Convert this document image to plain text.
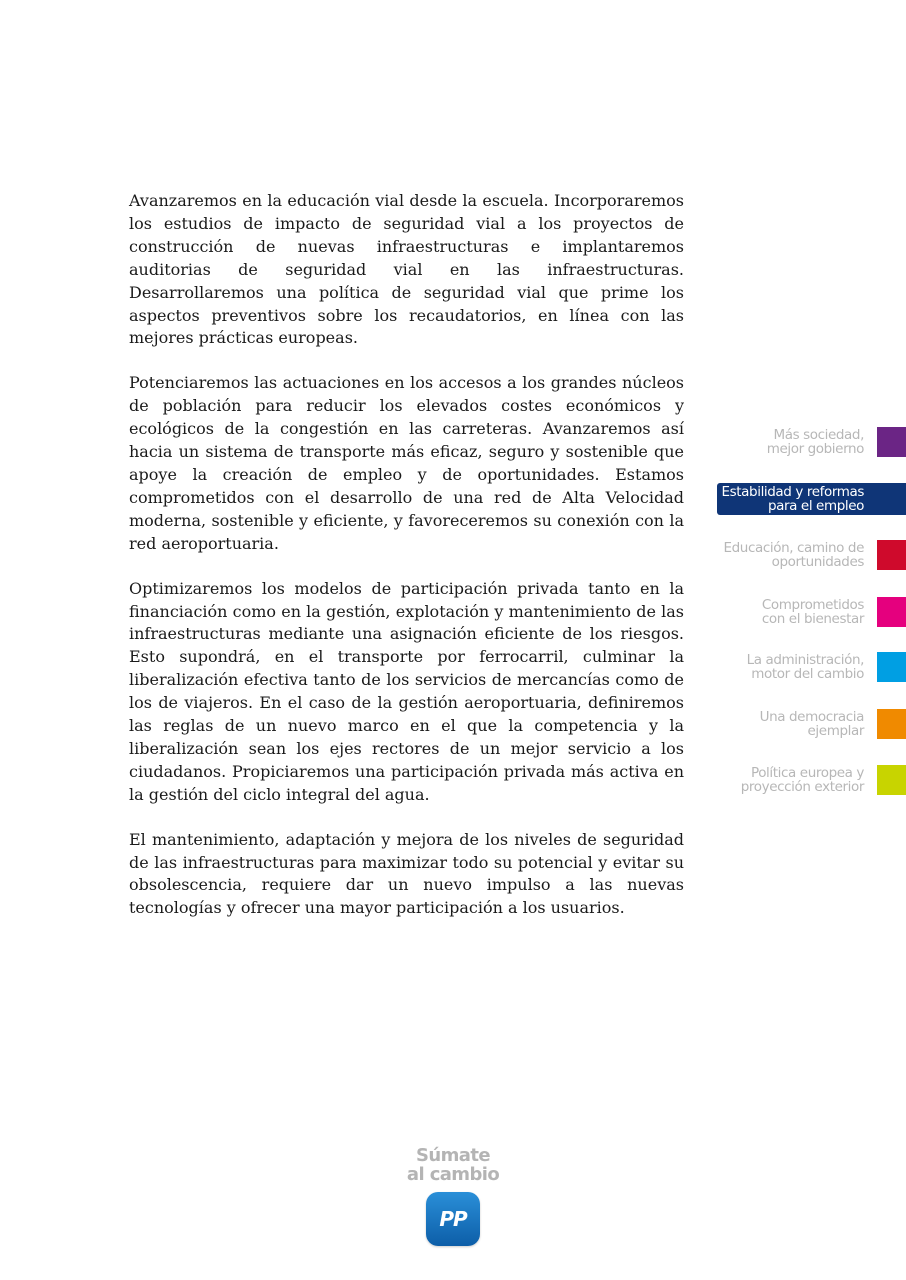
Avanzaremos en la educación vial desde la escuela. Incorporaremos los estudios de impacto de seguridad vial a los proyectos de construcción de nuevas infraestructuras e implantaremos auditorias de seguridad vial en las infraestructuras. Desarrollaremos una política de seguridad vial que prime los aspectos preventivos sobre los recaudatorios, en línea con las mejores prácticas europeas.

Potenciaremos las actuaciones en los accesos a los grandes núcleos de población para reducir los elevados costes económicos y ecológicos de la congestión en las carreteras. Avanzaremos así hacia un sistema de transporte más eficaz, seguro y sostenible que apoye la creación de empleo y de oportunidades. Estamos comprometidos con el desarrollo de una red de Alta Velocidad moderna, sostenible y eficiente, y favoreceremos su conexión con la red aeroportuaria.

Optimizaremos los modelos de participación privada tanto en la financiación como en la gestión, explotación y mantenimiento de las infraestructuras mediante una asignación eficiente de los riesgos. Esto supondrá, en el transporte por ferrocarril, culminar la liberalización efectiva tanto de los servicios de mercancías como de los de viajeros. En el caso de la gestión aeroportuaria, definiremos las reglas de un nuevo marco en el que la competencia y la liberalización sean los ejes rectores de un mejor servicio a los ciudadanos. Propiciaremos una participación privada más activa en la gestión del ciclo integral del agua.

El mantenimiento, adaptación y mejora de los niveles de seguridad de las infraestructuras para maximizar todo su potencial y evitar su obsolescencia, requiere dar un nuevo impulso a las nuevas tecnologías y ofrecer una mayor participación a los usuarios.

Más sociedad,
mejor gobierno
Estabilidad y reformas
para el empleo
Educación, camino de
oportunidades
Comprometidos
con el bienestar
La administración,
motor del cambio
Una democracia
ejemplar
Política europea y
proyección exterior
Súmate
al cambio
PP
